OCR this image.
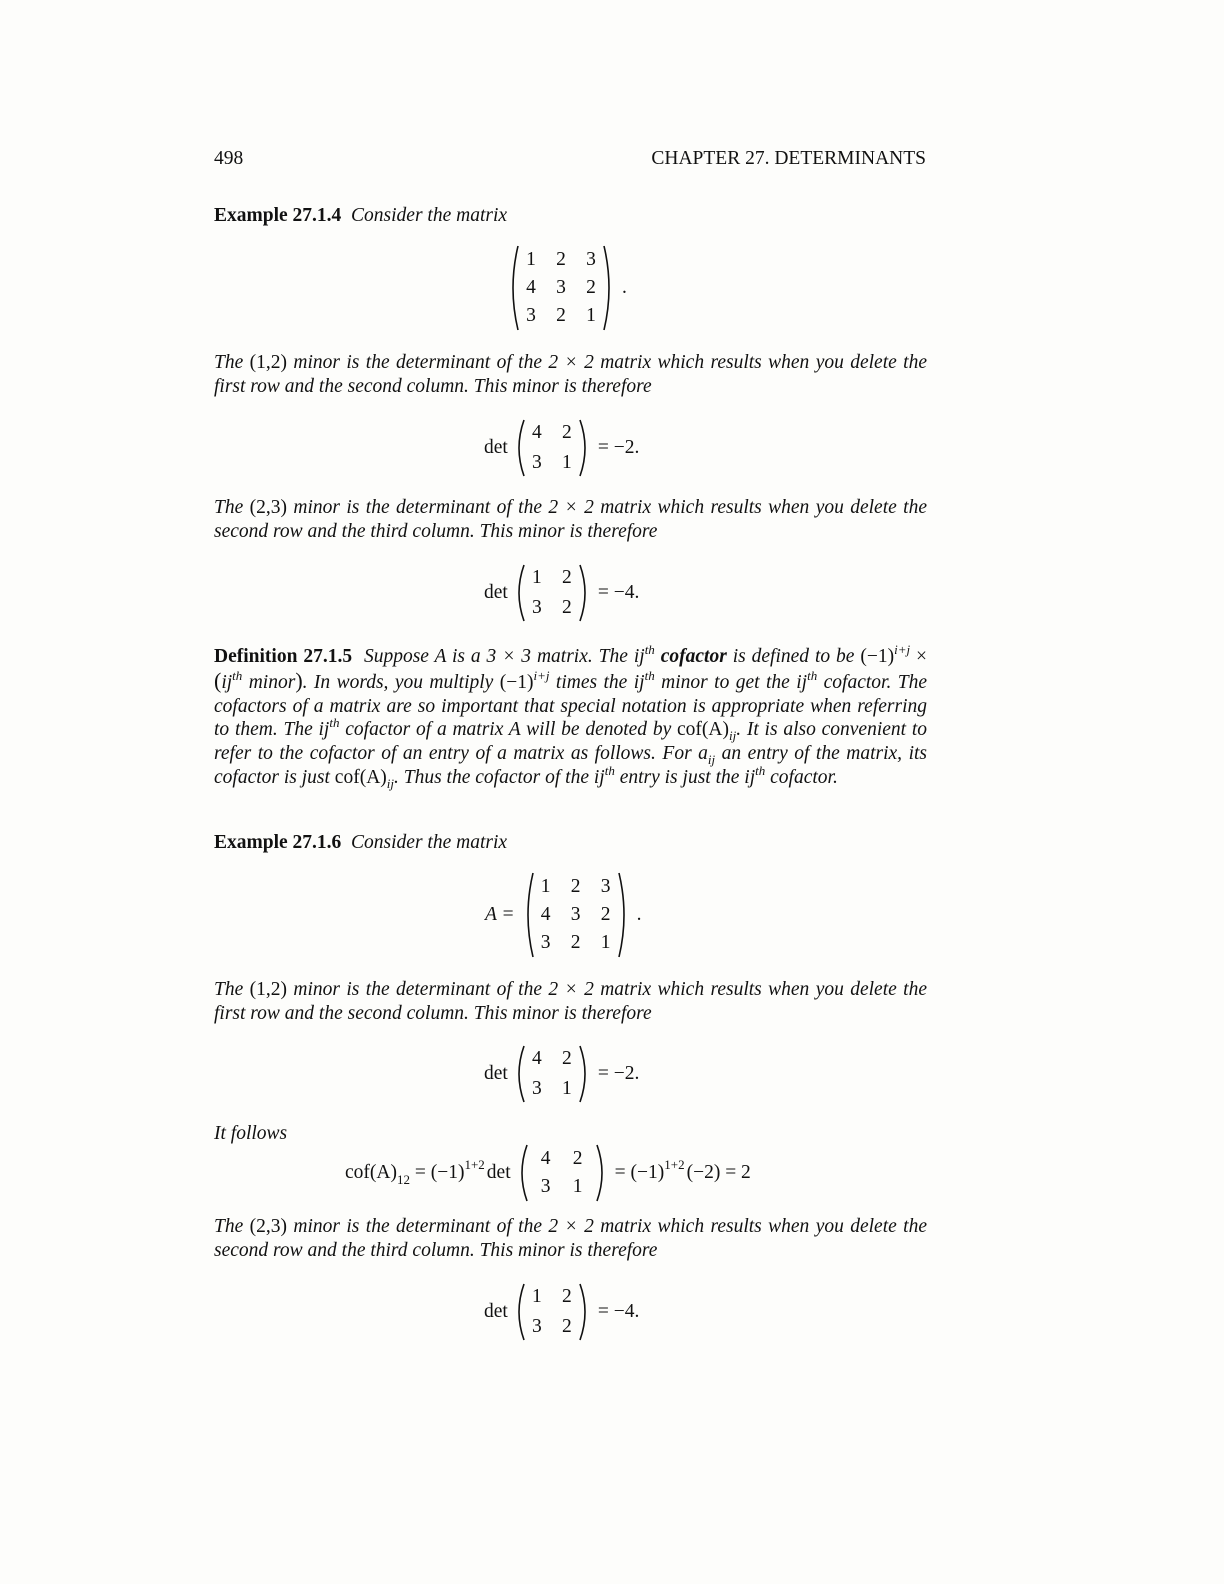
498	CHAPTER 27. DETERMINANTS
Example 27.1.4 Consider the matrix
1 2 3
4 3 2
3 2 1
.
The (1,2) minor is the determinant of the 2 × 2 matrix which results when you delete the first row and the second column. This minor is therefore
det
4 2
3 1
= −2.
The (2,3) minor is the determinant of the 2 × 2 matrix which results when you delete the second row and the third column. This minor is therefore
det
1 2
3 2
= −4.
Definition 27.1.5 Suppose A is a 3 × 3 matrix. The $ij^{th}$ cofactor is defined to be $(-1)^{i+j} \times (ij^{th}$ minor). In words, you multiply $(-1)^{i+j}$ times the $ij^{th}$ minor to get the $ij^{th}$ cofactor. The cofactors of a matrix are so important that special notation is appropriate when referring to them. The $ij^{th}$ cofactor of a matrix A will be denoted by $cof(A)_{ij}$. It is also convenient to refer to the cofactor of an entry of a matrix as follows. For $a_{ij}$ an entry of the matrix, its cofactor is just $cof(A)_{ij}$. Thus the cofactor of the $ij^{th}$ entry is just the $ij^{th}$ cofactor.
Example 27.1.6 Consider the matrix
A =
1 2 3
4 3 2
3 2 1
.
The (1,2) minor is the determinant of the 2 × 2 matrix which results when you delete the first row and the second column. This minor is therefore
det
4 2
3 1
= −2.
It follows
cof(A)12 = (−1)1+2 det
4 2
3 1
= (−1)1+2 (−2) = 2
The (2,3) minor is the determinant of the 2 × 2 matrix which results when you delete the second row and the third column. This minor is therefore
det
1 2
3 2
= −4.
